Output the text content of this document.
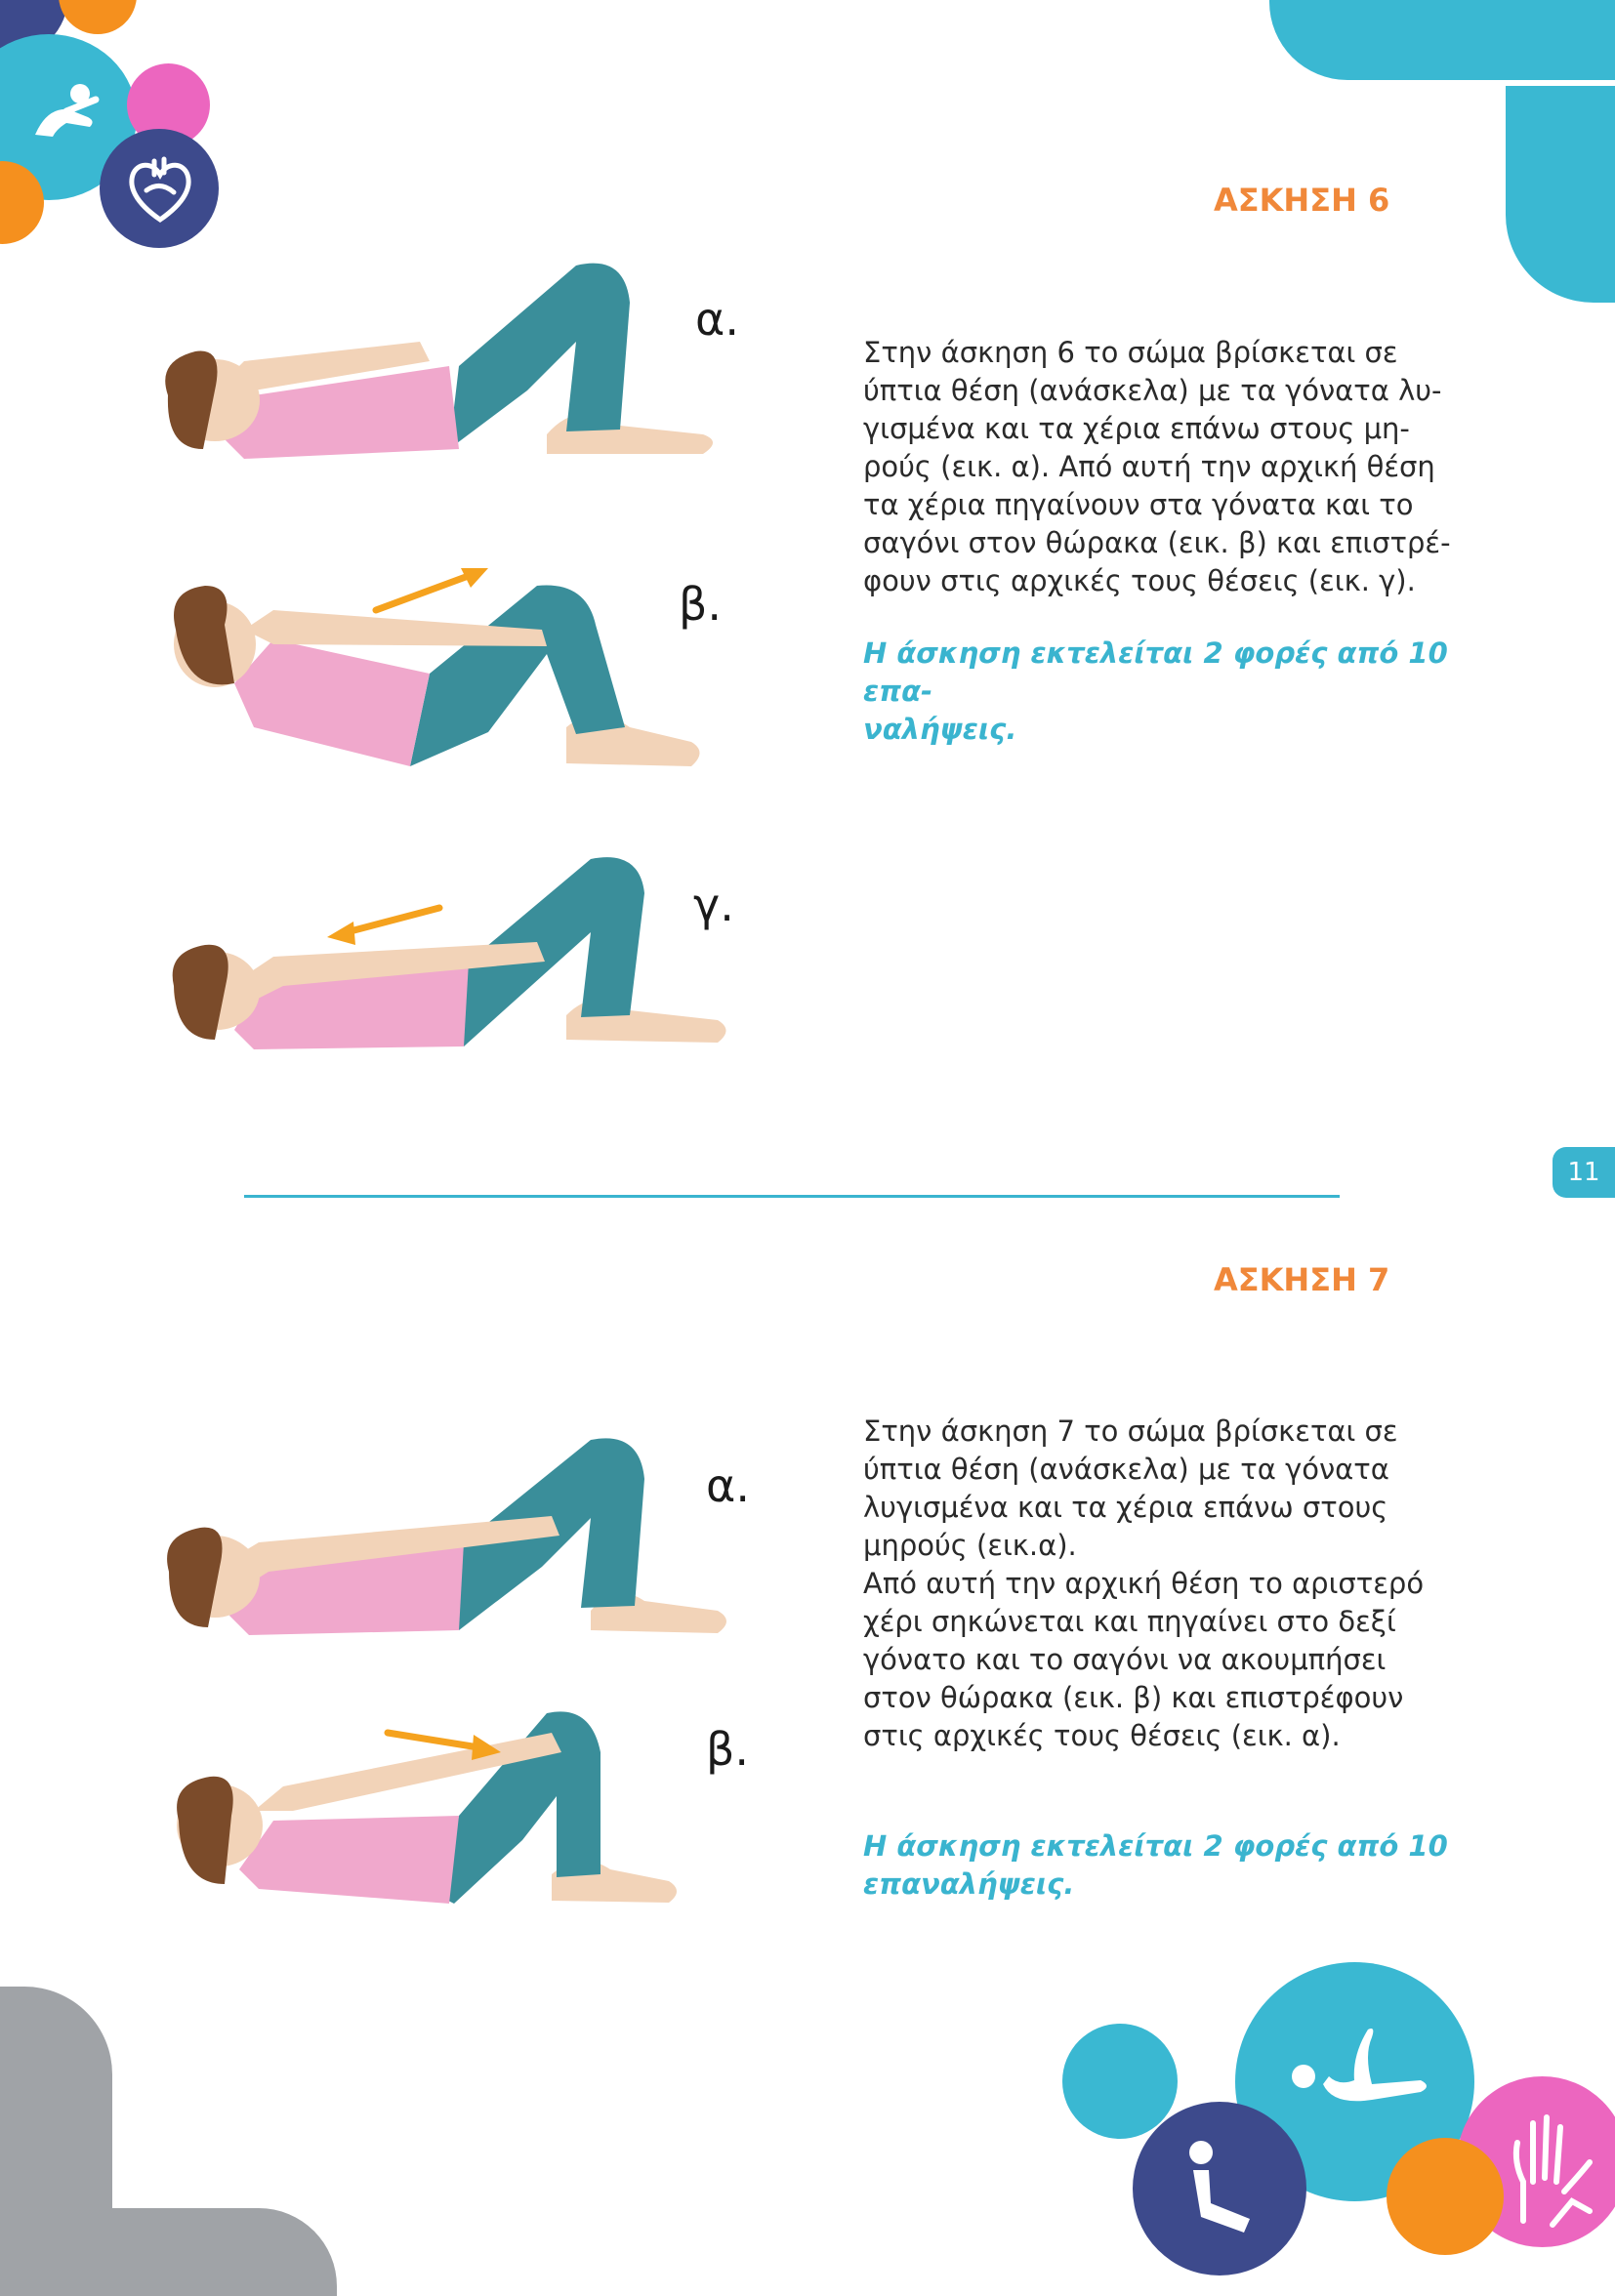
ΑΣΚΗΣΗ 6

Στην άσκηση 6 το σώμα βρίσκεται σε
ύπτια θέση (ανάσκελα) με τα γόνατα λυ-
γισμένα και τα χέρια επάνω στους μη-
ρούς (εικ. α). Από αυτή την αρχική θέση
τα χέρια πηγαίνουν στα γόνατα και το
σαγόνι στον θώρακα (εικ. β) και επιστρέ-
φουν στις αρχικές τους θέσεις (εικ. γ).

Η άσκηση εκτελείται 2 φορές από 10 επα-
ναλήψεις.

α.
β.
γ.
11
ΑΣΚΗΣΗ 7

Στην άσκηση 7 το σώμα βρίσκεται σε
ύπτια θέση (ανάσκελα) με τα γόνατα
λυγισμένα και τα χέρια επάνω στους
μηρούς (εικ.α).
Από αυτή την αρχική θέση το αριστερό
χέρι σηκώνεται και πηγαίνει στο δεξί
γόνατο και το σαγόνι να ακουμπήσει
στον θώρακα (εικ. β) και επιστρέφουν
στις αρχικές τους θέσεις (εικ. α).

Η άσκηση εκτελείται 2 φορές από 10
επαναλήψεις.

α.
β.
